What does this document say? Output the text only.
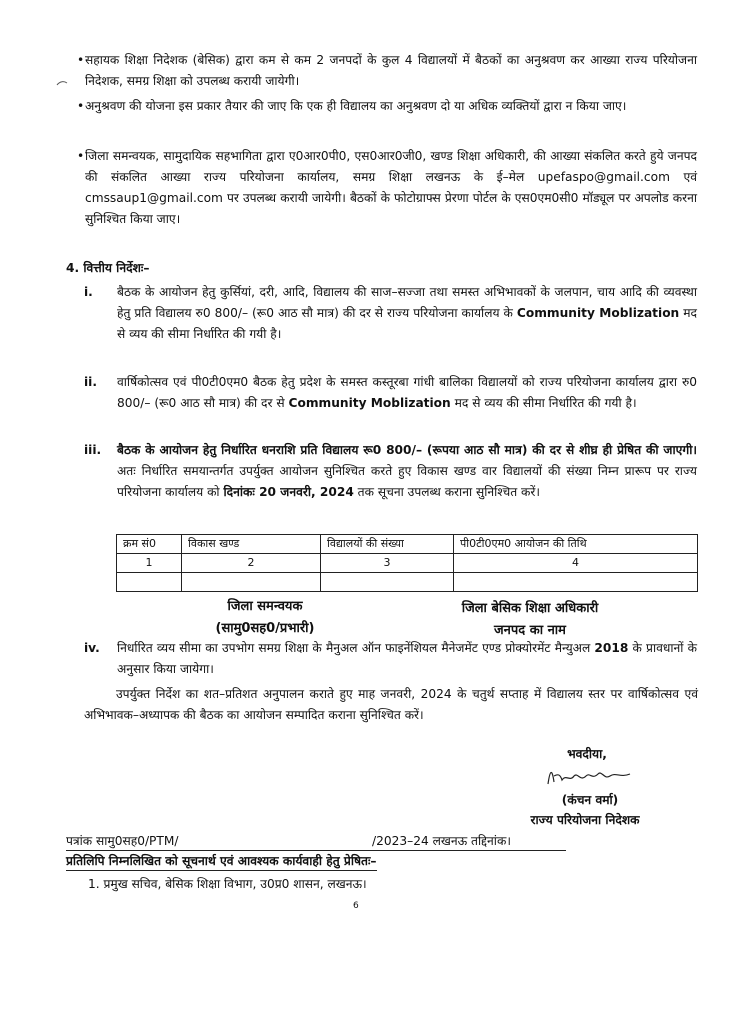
• सहायक शिक्षा निदेशक (बेसिक) द्वारा कम से कम 2 जनपदों के कुल 4 विद्यालयों में बैठकों का अनुश्रवण कर आख्या राज्य परियोजना निदेशक, समग्र शिक्षा को उपलब्ध करायी जायेगी।
• अनुश्रवण की योजना इस प्रकार तैयार की जाए कि एक ही विद्यालय का अनुश्रवण दो या अधिक व्यक्तियों द्वारा न किया जाए।
• जिला समन्वयक, सामुदायिक सहभागिता द्वारा ए0आर0पी0, एस0आर0जी0, खण्ड शिक्षा अधिकारी, की आख्या संकलित करते हुये जनपद की संकलित आख्या राज्य परियोजना कार्यालय, समग्र शिक्षा लखनऊ के ई–मेल upefaspo@gmail.com एवं cmssaup1@gmail.com पर उपलब्ध करायी जायेगी। बैठकों के फोटोग्राफ्स प्रेरणा पोर्टल के एस0एम0सी0 मॉड्यूल पर अपलोड करना सुनिश्चित किया जाए।
4. वित्तीय निर्देशः–
i.	बैठक के आयोजन हेतु कुर्सियां, दरी, आदि, विद्यालय की साज–सज्जा तथा समस्त अभिभावकों के जलपान, चाय आदि की व्यवस्था हेतु प्रति विद्यालय रु0 800/– (रू0 आठ सौ मात्र) की दर से राज्य परियोजना कार्यालय के Community Moblization मद से व्यय की सीमा निर्धारित की गयी है।
ii.	वार्षिकोत्सव एवं पी0टी0एम0 बैठक हेतु प्रदेश के समस्त कस्तूरबा गांधी बालिका विद्यालयों को राज्य परियोजना कार्यालय द्वारा रु0 800/– (रू0 आठ सौ मात्र) की दर से Community Moblization मद से व्यय की सीमा निर्धारित की गयी है।
iii.	बैठक के आयोजन हेतु निर्धारित धनराशि प्रति विद्यालय रू0 800/– (रूपया आठ सौ मात्र) की दर से शीघ्र ही प्रेषित की जाएगी। अतः निर्धारित समयान्तर्गत उपर्युक्त आयोजन सुनिश्चित करते हुए विकास खण्ड वार विद्यालयों की संख्या निम्न प्रारूप पर राज्य परियोजना कार्यालय को दिनांकः 20 जनवरी, 2024 तक सूचना उपलब्ध कराना सुनिश्चित करें।
क्रम सं0	विकास खण्ड	विद्यालयों की संख्या	पी0टी0एम0 आयोजन की तिथि
1	2	3	4

जिला समन्वयक
(सामु0सह0/प्रभारी)
जिला बेसिक शिक्षा अधिकारी
जनपद का नाम
iv.	निर्धारित व्यय सीमा का उपभोग समग्र शिक्षा के मैनुअल ऑन फाइनेंशियल मैनेजमेंट एण्ड प्रोक्योरमेंट मैन्युअल 2018 के प्रावधानों के अनुसार किया जायेगा।
उपर्युक्त निर्देश का शत–प्रतिशत अनुपालन कराते हुए माह जनवरी, 2024 के चतुर्थ सप्ताह में विद्यालय स्तर पर वार्षिकोत्सव एवं अभिभावक–अध्यापक की बैठक का आयोजन सम्पादित कराना सुनिश्चित करें।
भवदीया,
(कंचन वर्मा)
राज्य परियोजना निदेशक
पत्रांक सामु0सह0/PTM/	/2023–24 लखनऊ तद्दिनांक।

प्रतिलिपि निम्नलिखित को सूचनार्थ एवं आवश्यक कार्यवाही हेतु प्रेषितः–
1. प्रमुख सचिव, बेसिक शिक्षा विभाग, उ0प्र0 शासन, लखनऊ।
6
